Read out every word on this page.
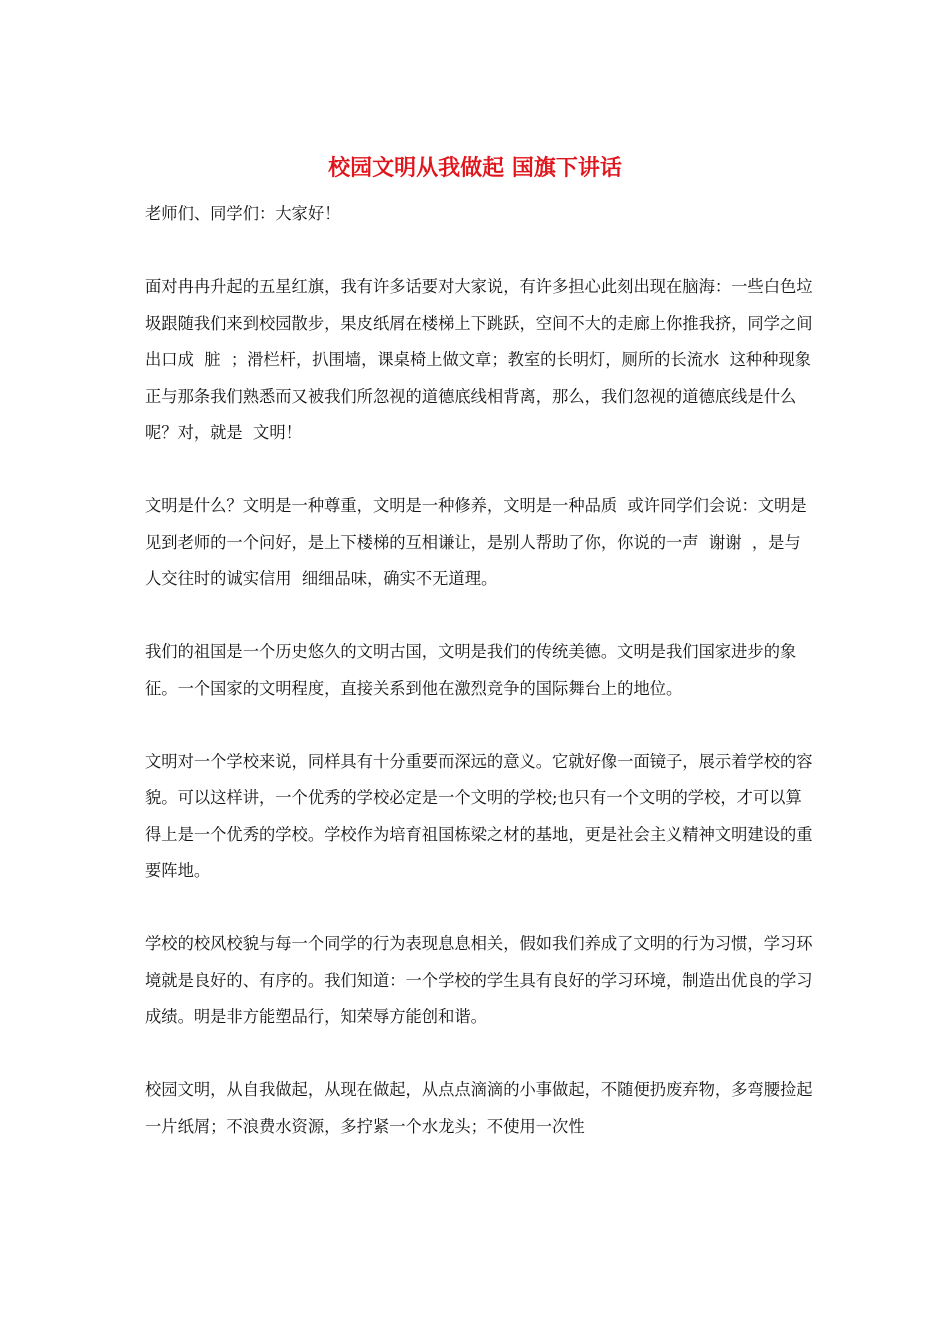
校园文明从我做起 国旗下讲话

老师们、同学们：大家好！

面对冉冉升起的五星红旗，我有许多话要对大家说，有许多担心此刻出现在脑海：一些白色垃圾跟随我们来到校园散步，果皮纸屑在楼梯上下跳跃，空间不大的走廊上你推我挤，同学之间出口成  脏  ；滑栏杆，扒围墙，课桌椅上做文章；教室的长明灯，厕所的长流水  这种种现象正与那条我们熟悉而又被我们所忽视的道德底线相背离，那么，我们忽视的道德底线是什么呢？对，就是  文明！

文明是什么？文明是一种尊重，文明是一种修养，文明是一种品质  或许同学们会说：文明是见到老师的一个问好，是上下楼梯的互相谦让，是别人帮助了你，你说的一声  谢谢  ，是与人交往时的诚实信用  细细品味，确实不无道理。

我们的祖国是一个历史悠久的文明古国，文明是我们的传统美德。文明是我们国家进步的象征。一个国家的文明程度，直接关系到他在激烈竞争的国际舞台上的地位。

文明对一个学校来说，同样具有十分重要而深远的意义。它就好像一面镜子，展示着学校的容貌。可以这样讲，一个优秀的学校必定是一个文明的学校;也只有一个文明的学校，才可以算得上是一个优秀的学校。学校作为培育祖国栋梁之材的基地，更是社会主义精神文明建设的重要阵地。

学校的校风校貌与每一个同学的行为表现息息相关，假如我们养成了文明的行为习惯，学习环境就是良好的、有序的。我们知道：一个学校的学生具有良好的学习环境，制造出优良的学习成绩。明是非方能塑品行，知荣辱方能创和谐。

校园文明，从自我做起，从现在做起，从点点滴滴的小事做起，不随便扔废弃物，多弯腰捡起一片纸屑；不浪费水资源，多拧紧一个水龙头；不使用一次性
